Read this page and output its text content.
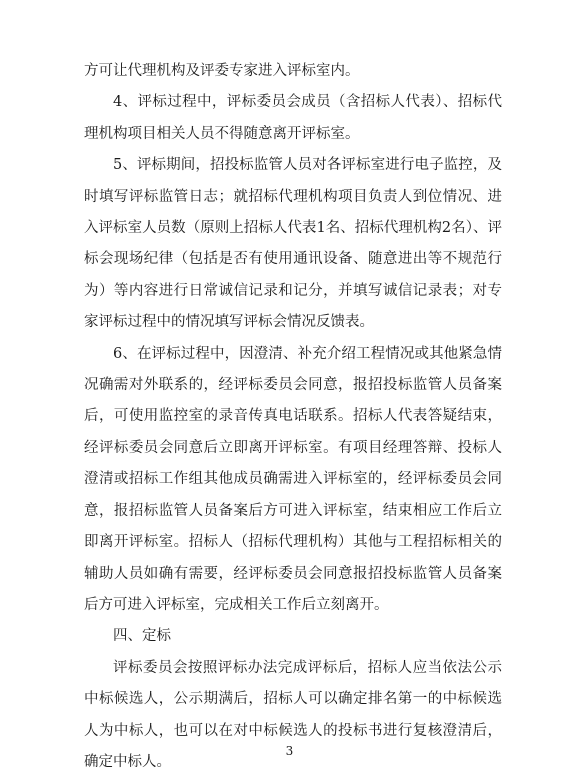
方可让代理机构及评委专家进入评标室内。

4、评标过程中，评标委员会成员（含招标人代表）、招标代理机构项目相关人员不得随意离开评标室。

5、评标期间，招投标监管人员对各评标室进行电子监控，及时填写评标监管日志；就招标代理机构项目负责人到位情况、进入评标室人员数（原则上招标人代表1名、招标代理机构2名）、评标会现场纪律（包括是否有使用通讯设备、随意进出等不规范行为）等内容进行日常诚信记录和记分，并填写诚信记录表；对专家评标过程中的情况填写评标会情况反馈表。

6、在评标过程中，因澄清、补充介绍工程情况或其他紧急情况确需对外联系的，经评标委员会同意，报招投标监管人员备案后，可使用监控室的录音传真电话联系。招标人代表答疑结束，经评标委员会同意后立即离开评标室。有项目经理答辩、投标人澄清或招标工作组其他成员确需进入评标室的，经评标委员会同意，报招标监管人员备案后方可进入评标室，结束相应工作后立即离开评标室。招标人（招标代理机构）其他与工程招标相关的辅助人员如确有需要，经评标委员会同意报招投标监管人员备案后方可进入评标室，完成相关工作后立刻离开。

四、定标

评标委员会按照评标办法完成评标后，招标人应当依法公示中标候选人，公示期满后，招标人可以确定排名第一的中标候选人为中标人，也可以在对中标候选人的投标书进行复核澄清后，确定中标人。

3
